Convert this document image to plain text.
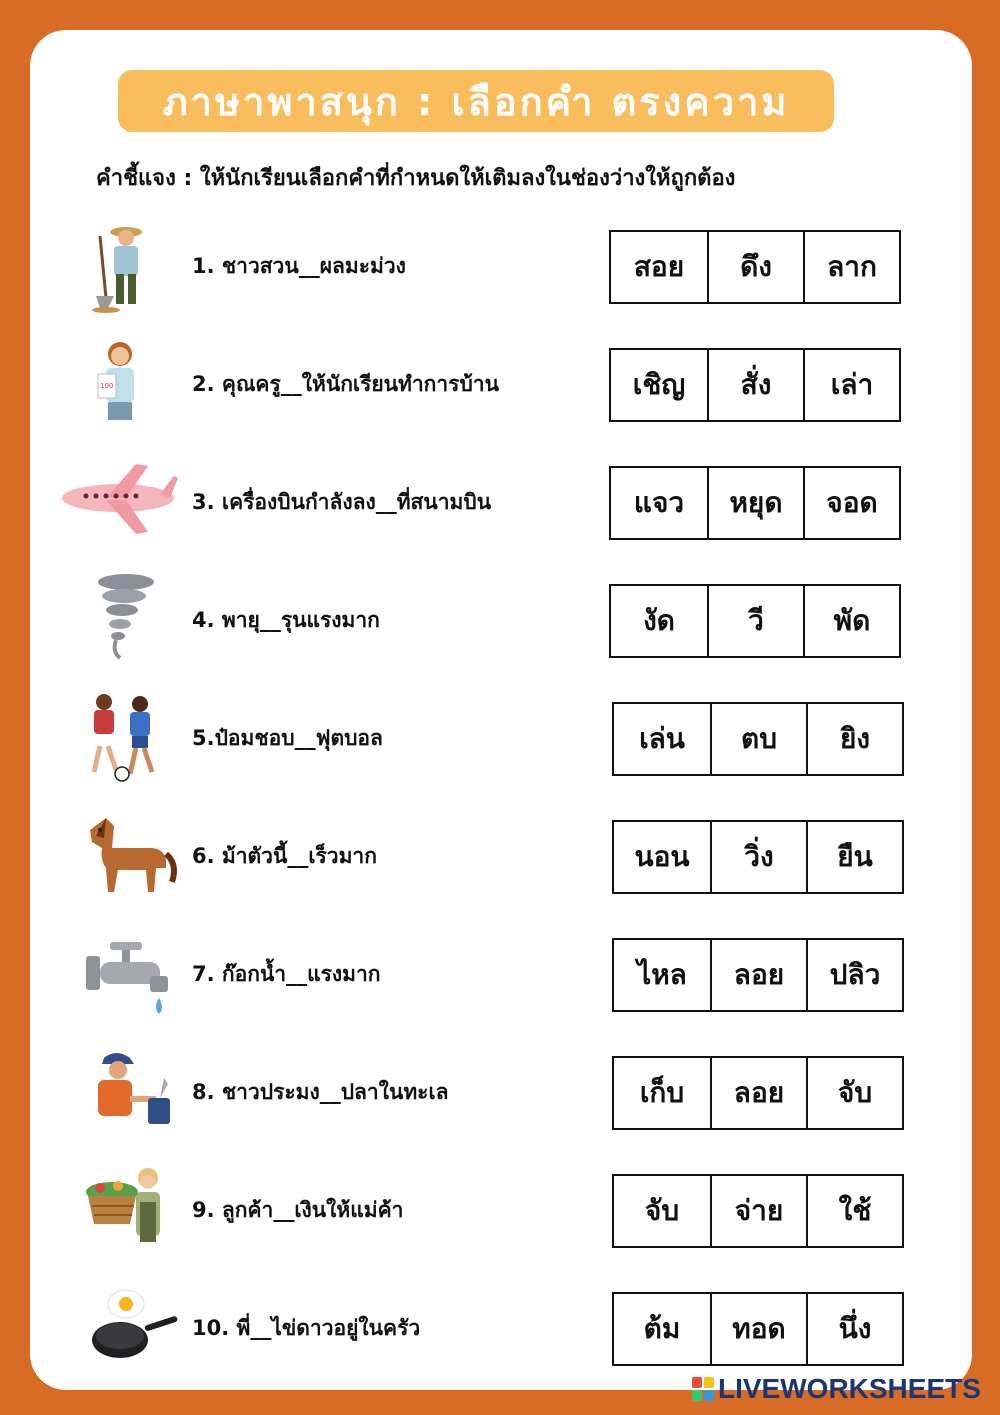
ภาษาพาสนุก : เลือกคำ ตรงความ
คำชี้แจง : ให้นักเรียนเลือกคำที่กำหนดให้เติมลงในช่องว่างให้ถูกต้อง
1. ชาวสวน__ผลมะม่วง	สอย	ดึง	ลาก
100	2. คุณครู__ให้นักเรียนทำการบ้าน	เชิญ	สั่ง	เล่า
3. เครื่องบินกำลังลง__ที่สนามบิน	แจว	หยุด	จอด
4. พายุ__รุนแรงมาก	งัด	วี	พัด
5.ป๋อมชอบ__ฟุตบอล	เล่น	ตบ	ยิง
6. ม้าตัวนี้__เร็วมาก	นอน	วิ่ง	ยืน
7. ก๊อกน้ำ__แรงมาก	ไหล	ลอย	ปลิว
8. ชาวประมง__ปลาในทะเล	เก็บ	ลอย	จับ
9. ลูกค้า__เงินให้แม่ค้า	จับ	จ่าย	ใช้
10. พี่__ไข่ดาวอยู่ในครัว	ต้ม	ทอด	นึ่ง
LIVEWORKSHEETS
